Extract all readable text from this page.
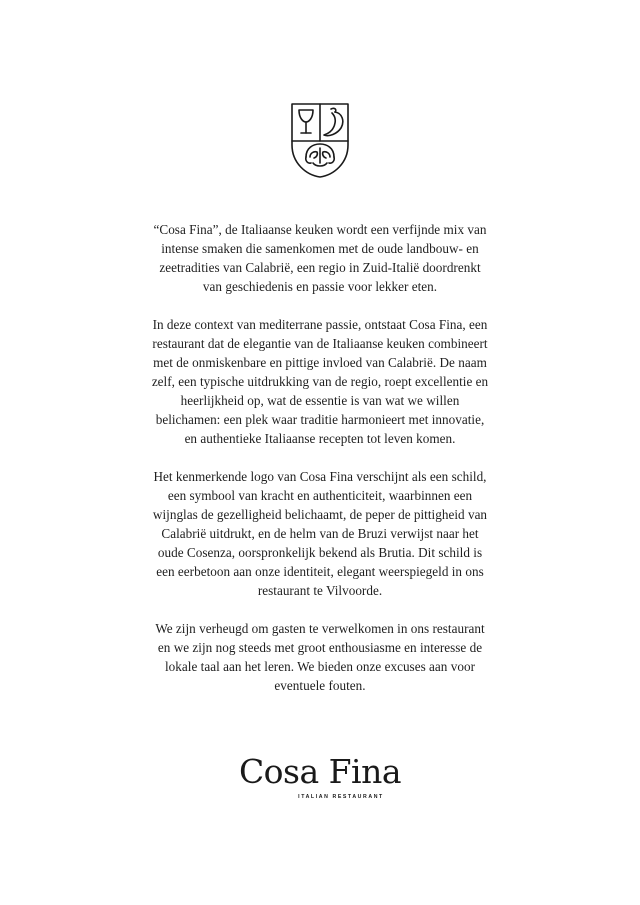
“Cosa Fina”, de Italiaanse keuken wordt een verfijnde mix van intense smaken die samenkomen met de oude landbouw- en zeetradities van Calabrië, een regio in Zuid-Italië doordrenkt van geschiedenis en passie voor lekker eten.

In deze context van mediterrane passie, ontstaat Cosa Fina, een restaurant dat de elegantie van de Italiaanse keuken combineert met de onmiskenbare en pittige invloed van Calabrië. De naam zelf, een typische uitdrukking van de regio, roept excellentie en heerlijkheid op, wat de essentie is van wat we willen belichamen: een plek waar traditie harmonieert met innovatie, en authentieke Italiaanse recepten tot leven komen.

Het kenmerkende logo van Cosa Fina verschijnt als een schild, een symbool van kracht en authenticiteit, waarbinnen een wijnglas de gezelligheid belichaamt, de peper de pittigheid van Calabrië uitdrukt, en de helm van de Bruzi verwijst naar het oude Cosenza, oorspronkelijk bekend als Brutia. Dit schild is een eerbetoon aan onze identiteit, elegant weerspiegeld in ons restaurant te Vilvoorde.

We zijn verheugd om gasten te verwelkomen in ons restaurant en we zijn nog steeds met groot enthousiasme en interesse de lokale taal aan het leren. We bieden onze excuses aan voor eventuele fouten.

Cosa Fina
ITALIAN RESTAURANT
